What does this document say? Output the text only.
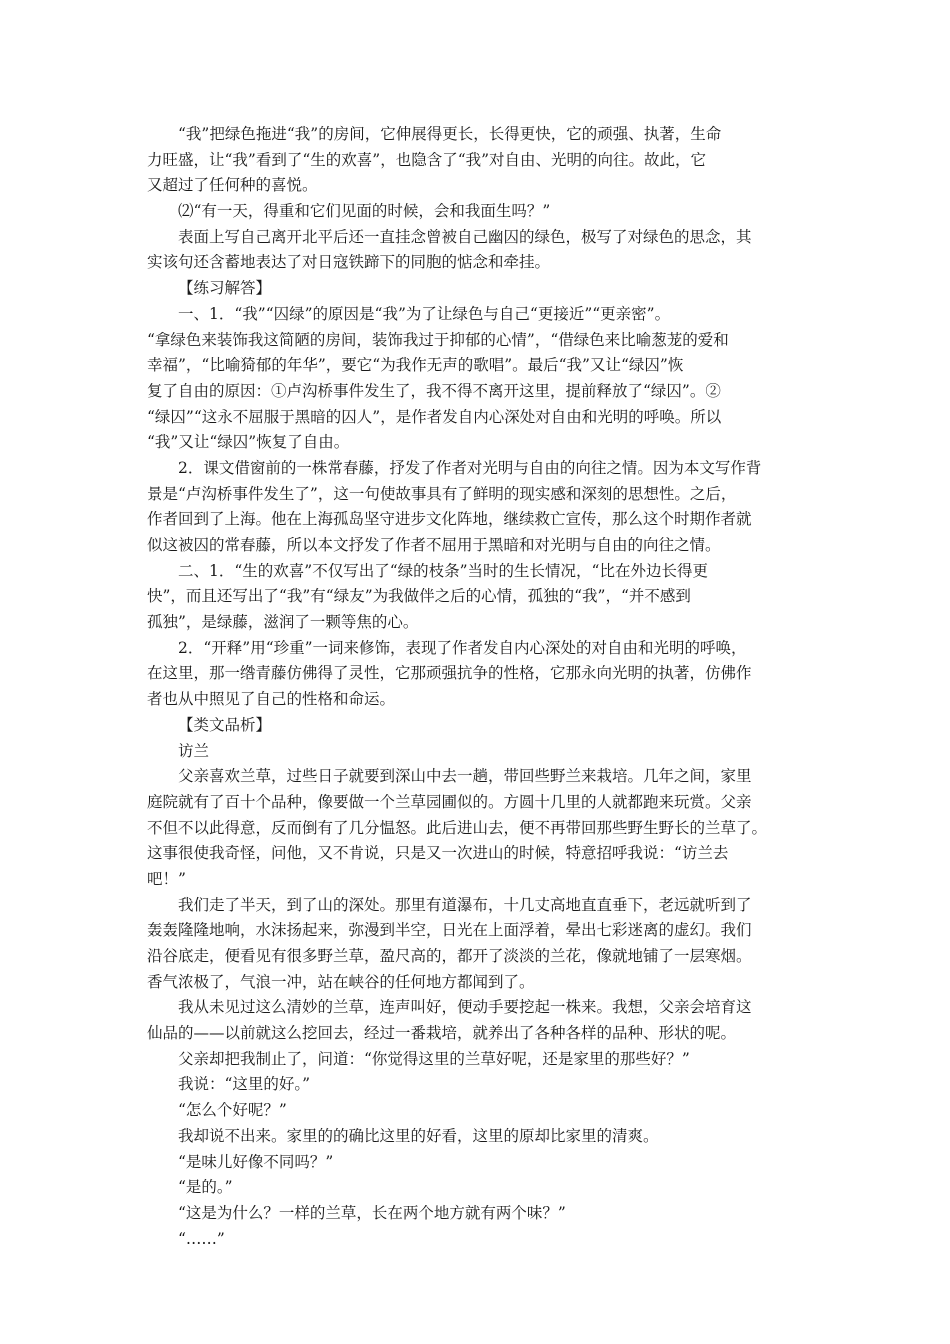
“我”把绿色拖进“我”的房间，它伸展得更长，长得更快，它的顽强、执著，生命
力旺盛，让“我”看到了“生的欢喜”，也隐含了“我”对自由、光明的向往。故此，它
又超过了任何种的喜悦。
⑵“有一天，得重和它们见面的时候，会和我面生吗？”
表面上写自己离开北平后还一直挂念曾被自己幽囚的绿色，极写了对绿色的思念，其
实该句还含蓄地表达了对日寇铁蹄下的同胞的惦念和牵挂。
【练习解答】
一、1．“我”“囚绿”的原因是“我”为了让绿色与自己“更接近”“更亲密”。
“拿绿色来装饰我这简陋的房间，装饰我过于抑郁的心情”，“借绿色来比喻葱茏的爱和
幸福”，“比喻猗郁的年华”，要它“为我作无声的歌唱”。最后“我”又让“绿囚”恢
复了自由的原因：①卢沟桥事件发生了，我不得不离开这里，提前释放了“绿囚”。②
“绿囚”“这永不屈服于黑暗的囚人”，是作者发自内心深处对自由和光明的呼唤。所以
“我”又让“绿囚”恢复了自由。
2．课文借窗前的一株常春藤，抒发了作者对光明与自由的向往之情。因为本文写作背
景是“卢沟桥事件发生了”，这一句使故事具有了鲜明的现实感和深刻的思想性。之后，
作者回到了上海。他在上海孤岛坚守进步文化阵地，继续救亡宣传，那么这个时期作者就
似这被囚的常春藤，所以本文抒发了作者不屈用于黑暗和对光明与自由的向往之情。
二、1．“生的欢喜”不仅写出了“绿的枝条”当时的生长情况，“比在外边长得更
快”，而且还写出了“我”有“绿友”为我做伴之后的心情，孤独的“我”，“并不感到
孤独”，是绿藤，滋润了一颗等焦的心。
2．“开释”用“珍重”一词来修饰，表现了作者发自内心深处的对自由和光明的呼唤，
在这里，那一绺青藤仿佛得了灵性，它那顽强抗争的性格，它那永向光明的执著，仿佛作
者也从中照见了自己的性格和命运。
【类文品析】
访兰
父亲喜欢兰草，过些日子就要到深山中去一趟，带回些野兰来栽培。几年之间，家里
庭院就有了百十个品种，像要做一个兰草园圃似的。方圆十几里的人就都跑来玩赏。父亲
不但不以此得意，反而倒有了几分愠怒。此后进山去，便不再带回那些野生野长的兰草了。
这事很使我奇怪，问他，又不肯说，只是又一次进山的时候，特意招呼我说：“访兰去
吧！”
我们走了半天，到了山的深处。那里有道瀑布，十几丈高地直直垂下，老远就听到了
轰轰隆隆地响，水沫扬起来，弥漫到半空，日光在上面浮着，晕出七彩迷离的虚幻。我们
沿谷底走，便看见有很多野兰草，盈尺高的，都开了淡淡的兰花，像就地铺了一层寒烟。
香气浓极了，气浪一冲，站在峡谷的任何地方都闻到了。
我从未见过这么清妙的兰草，连声叫好，便动手要挖起一株来。我想，父亲会培育这
仙品的——以前就这么挖回去，经过一番栽培，就养出了各种各样的品种、形状的呢。
父亲却把我制止了，问道：“你觉得这里的兰草好呢，还是家里的那些好？”
我说：“这里的好。”
“怎么个好呢？”
我却说不出来。家里的的确比这里的好看，这里的原却比家里的清爽。
“是味儿好像不同吗？”
“是的。”
“这是为什么？一样的兰草，长在两个地方就有两个味？”
“……”
